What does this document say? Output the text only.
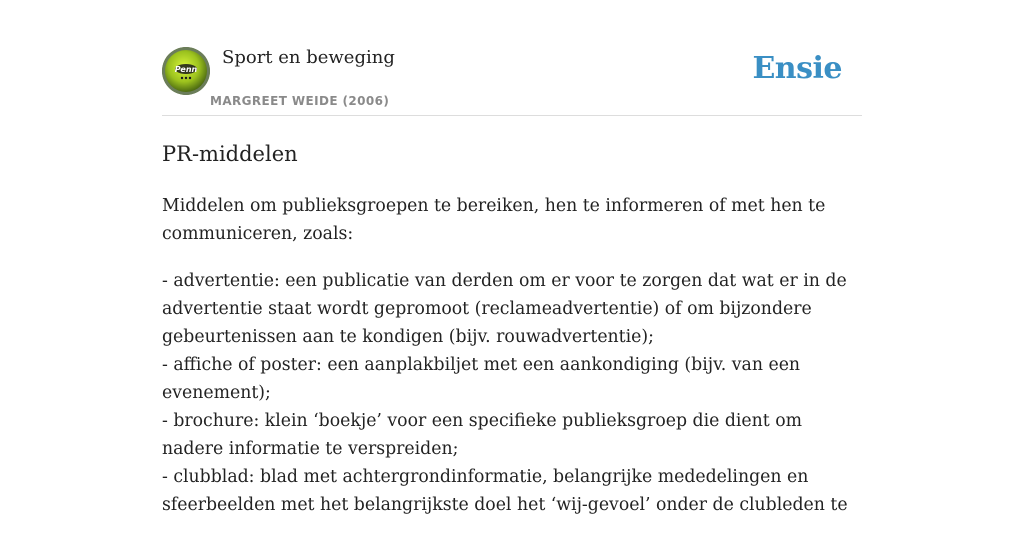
Penn
Sport en beweging
MARGREET WEIDE (2006)
Ensie
PR-middelen

Middelen om publieksgroepen te bereiken, hen te informeren of met hen te communiceren, zoals:

- advertentie: een publicatie van derden om er voor te zorgen dat wat er in de advertentie staat wordt gepromoot (reclameadvertentie) of om bijzondere gebeurtenissen aan te kondigen (bijv. rouwadvertentie);
- affiche of poster: een aanplakbiljet met een aankondiging (bijv. van een evenement);
- brochure: klein ‘boekje’ voor een specifieke publieksgroep die dient om nadere informatie te verspreiden;
- clubblad: blad met achtergrondinformatie, belangrijke mededelingen en sfeerbeelden met het belangrijkste doel het ‘wij-gevoel’ onder de clubleden te
